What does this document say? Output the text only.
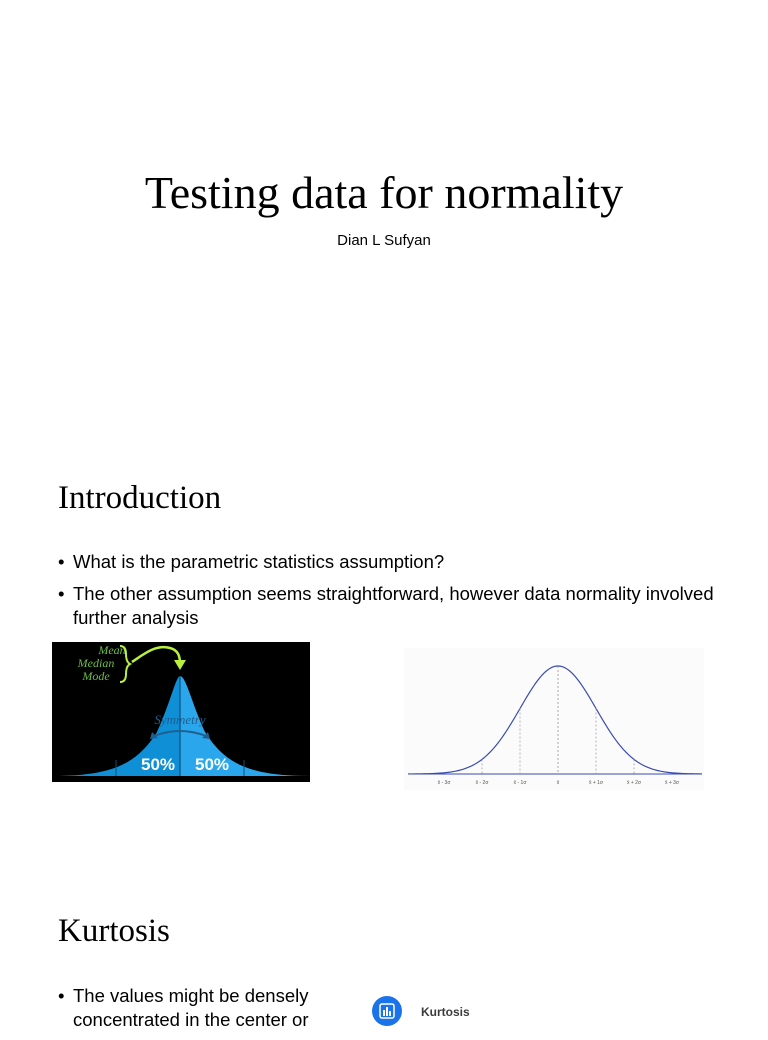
Testing data for normality
Dian L Sufyan
Introduction
• What is the parametric statistics assumption?
• The other assumption seems straightforward, however data normality involved further analysis
Mean
Median
Mode
Symmetry
50% 50%
x̄ - 3σ	x̄ - 2σ	x̄ - 1σ	x̄	x̄ + 1σ	x̄ + 2σ	x̄ + 3σ
Kurtosis
• The values might be densely concentrated in the center or	Kurtosis
